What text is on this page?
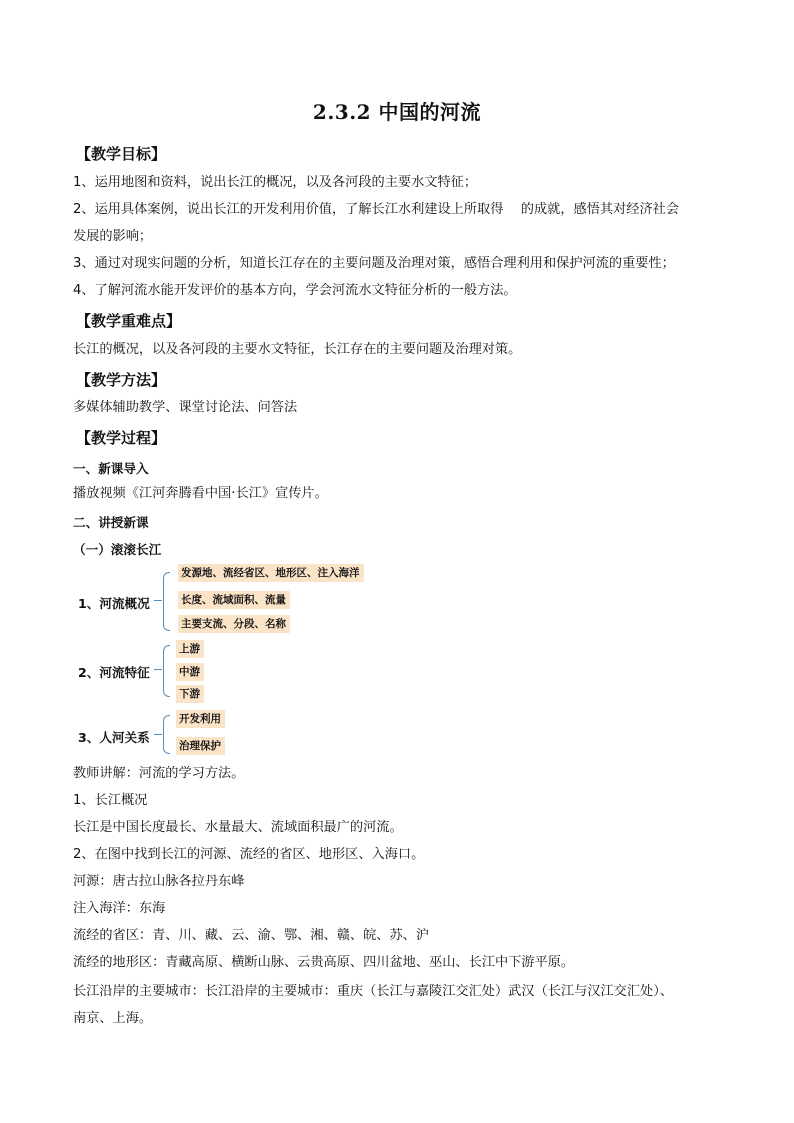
2.3.2 中国的河流
【教学目标】
1、运用地图和资料，说出长江的概况，以及各河段的主要水文特征；
2、运用具体案例，说出长江的开发利用价值，了解长江水利建设上所取得　 的成就，感悟其对经济社会
发展的影响；
3、通过对现实问题的分析，知道长江存在的主要问题及治理对策，感悟合理利用和保护河流的重要性；
4、了解河流水能开发评价的基本方向，学会河流水文特征分析的一般方法。
【教学重难点】
长江的概况，以及各河段的主要水文特征，长江存在的主要问题及治理对策。
【教学方法】
多媒体辅助教学、课堂讨论法、问答法
【教学过程】
一、新课导入
播放视频《江河奔腾看中国·长江》宣传片。
二、讲授新课
（一）滚滚长江
1、河流概况
发源地、流经省区、地形区、注入海洋
长度、流域面积、流量
主要支流、分段、名称
2、河流特征
上游
中游
下游
3、人河关系
开发利用
治理保护
教师讲解：河流的学习方法。
1、长江概况
长江是中国长度最长、水量最大、流域面积最广的河流。
2、在图中找到长江的河源、流经的省区、地形区、入海口。
河源：唐古拉山脉各拉丹东峰
注入海洋：东海
流经的省区：青、川、藏、云、渝、鄂、湘、赣、皖、苏、沪
流经的地形区：青藏高原、横断山脉、云贵高原、四川盆地、巫山、长江中下游平原。
长江沿岸的主要城市：长江沿岸的主要城市：重庆（长江与嘉陵江交汇处）武汉（长江与汉江交汇处）、
南京、上海。
